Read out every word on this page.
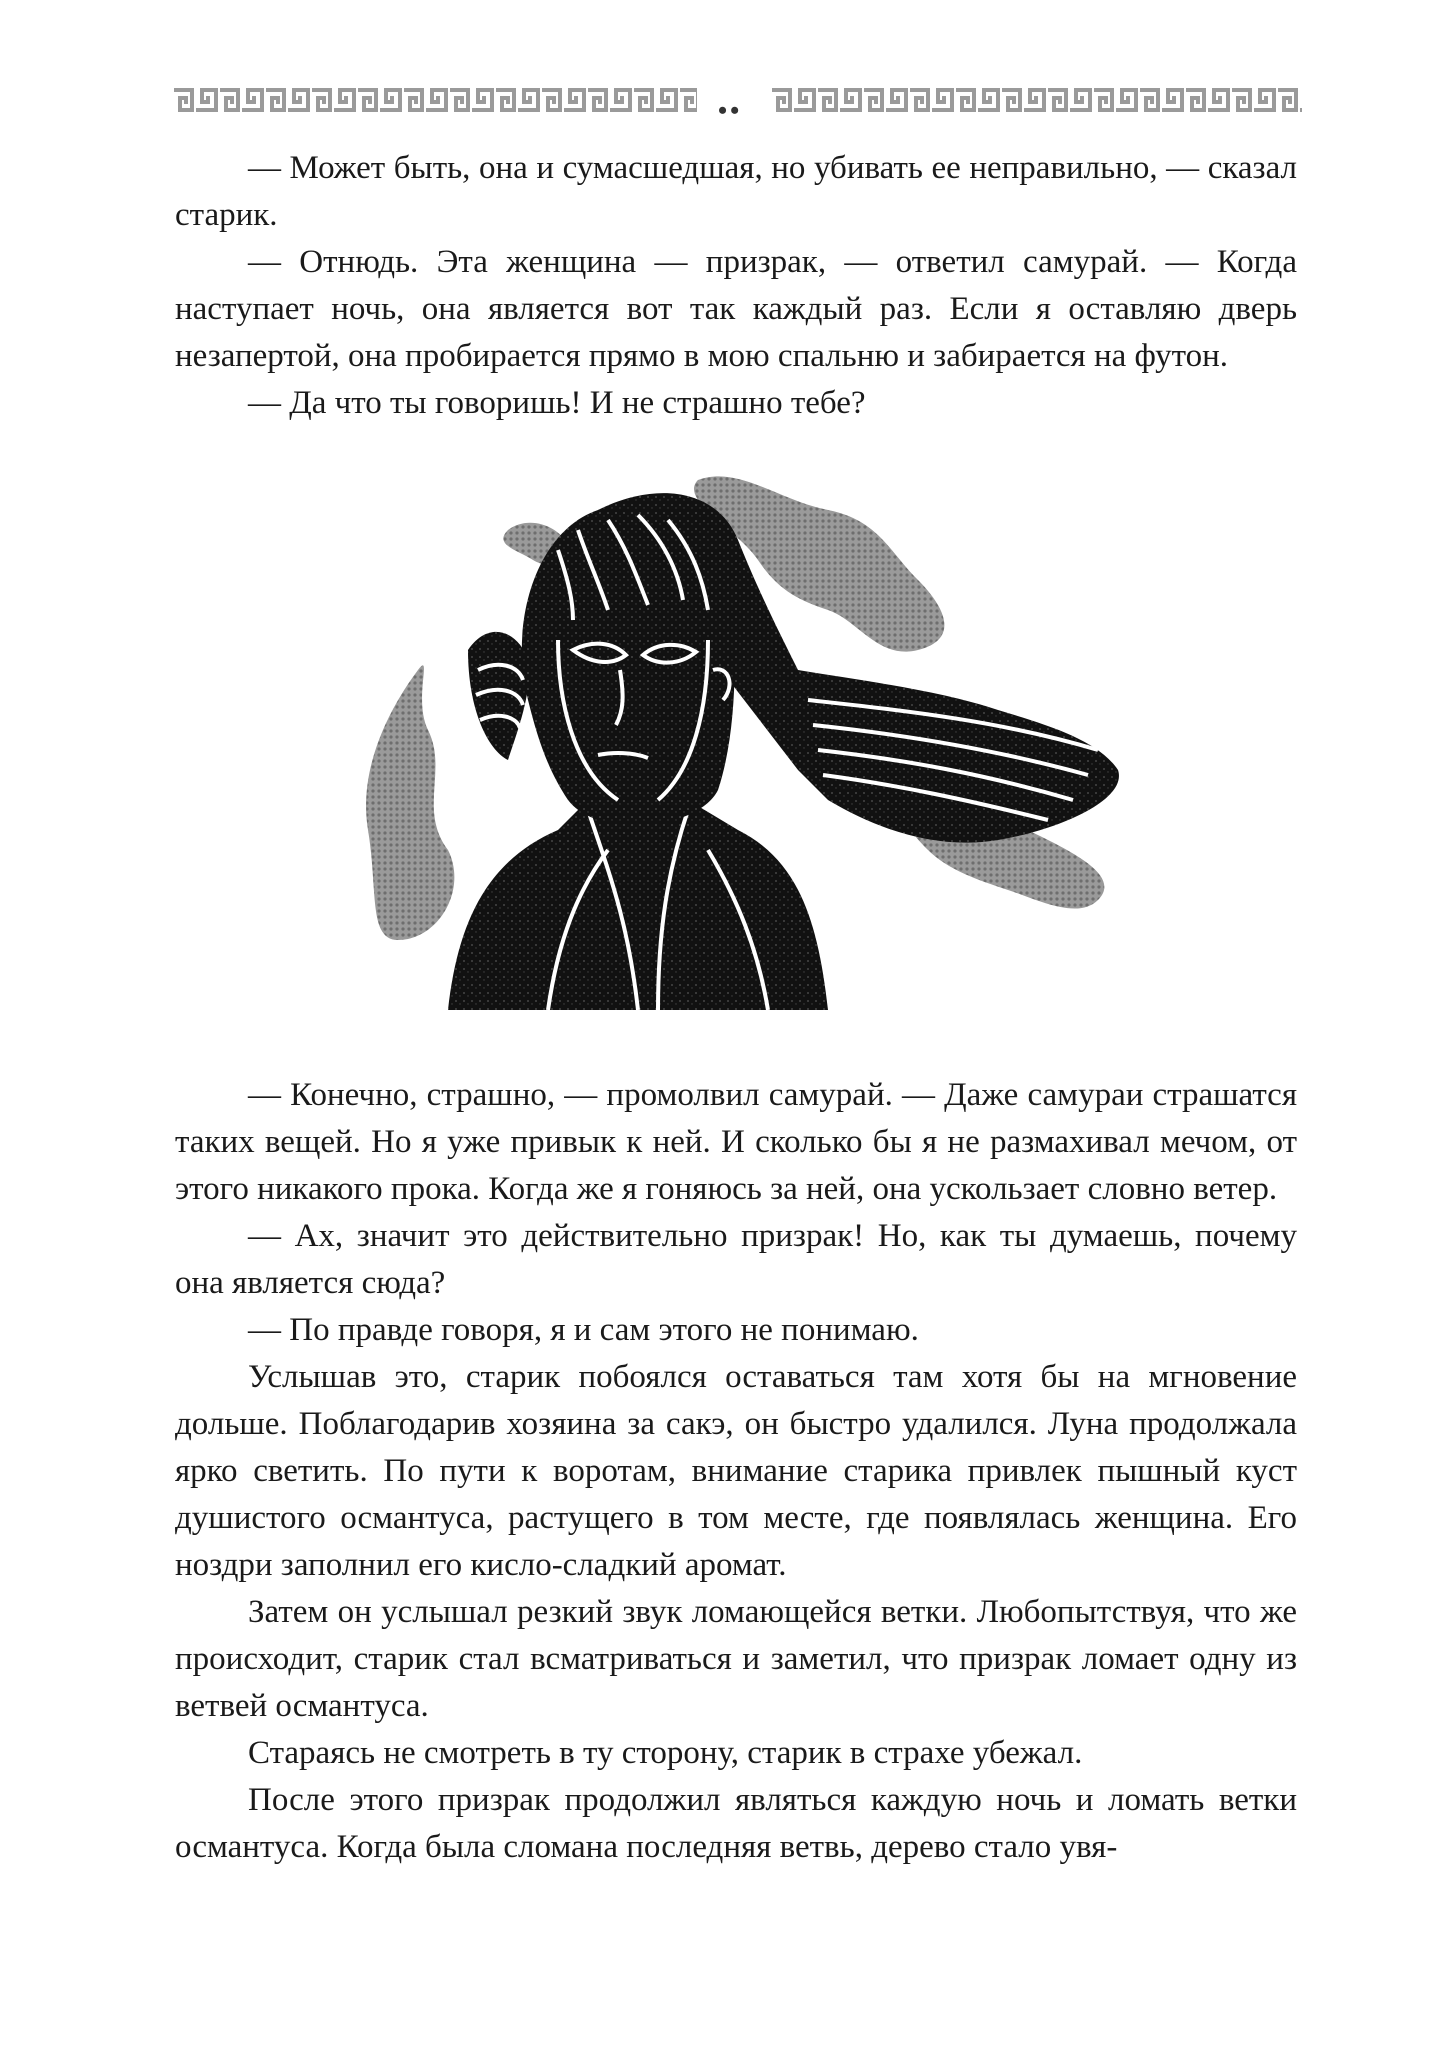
••

— Может быть, она и сумасшедшая, но убивать ее неправильно, — сказал старик.

— Отнюдь. Эта женщина — призрак, — ответил самурай. — Когда наступает ночь, она является вот так каждый раз. Если я оставляю дверь незапертой, она пробирается прямо в мою спальню и забирается на футон.

— Да что ты говоришь! И не страшно тебе?

— Конечно, страшно, — промолвил самурай. — Даже самураи страшатся таких вещей. Но я уже привык к ней. И сколько бы я не размахивал мечом, от этого никакого прока. Когда же я гоняюсь за ней, она ускользает словно ветер.

— Ах, значит это действительно призрак! Но, как ты думаешь, почему она является сюда?

— По правде говоря, я и сам этого не понимаю.

Услышав это, старик побоялся оставаться там хотя бы на мгновение дольше. Поблагодарив хозяина за сакэ, он быстро удалился. Луна продолжала ярко светить. По пути к воротам, внимание старика привлек пышный куст душистого османтуса, растущего в том месте, где появлялась женщина. Его ноздри заполнил его кисло-сладкий аромат.

Затем он услышал резкий звук ломающейся ветки. Любопытствуя, что же происходит, старик стал всматриваться и заметил, что призрак ломает одну из ветвей османтуса.

Стараясь не смотреть в ту сторону, старик в страхе убежал.

После этого призрак продолжил являться каждую ночь и ломать ветки османтуса. Когда была сломана последняя ветвь, дерево стало увя-
